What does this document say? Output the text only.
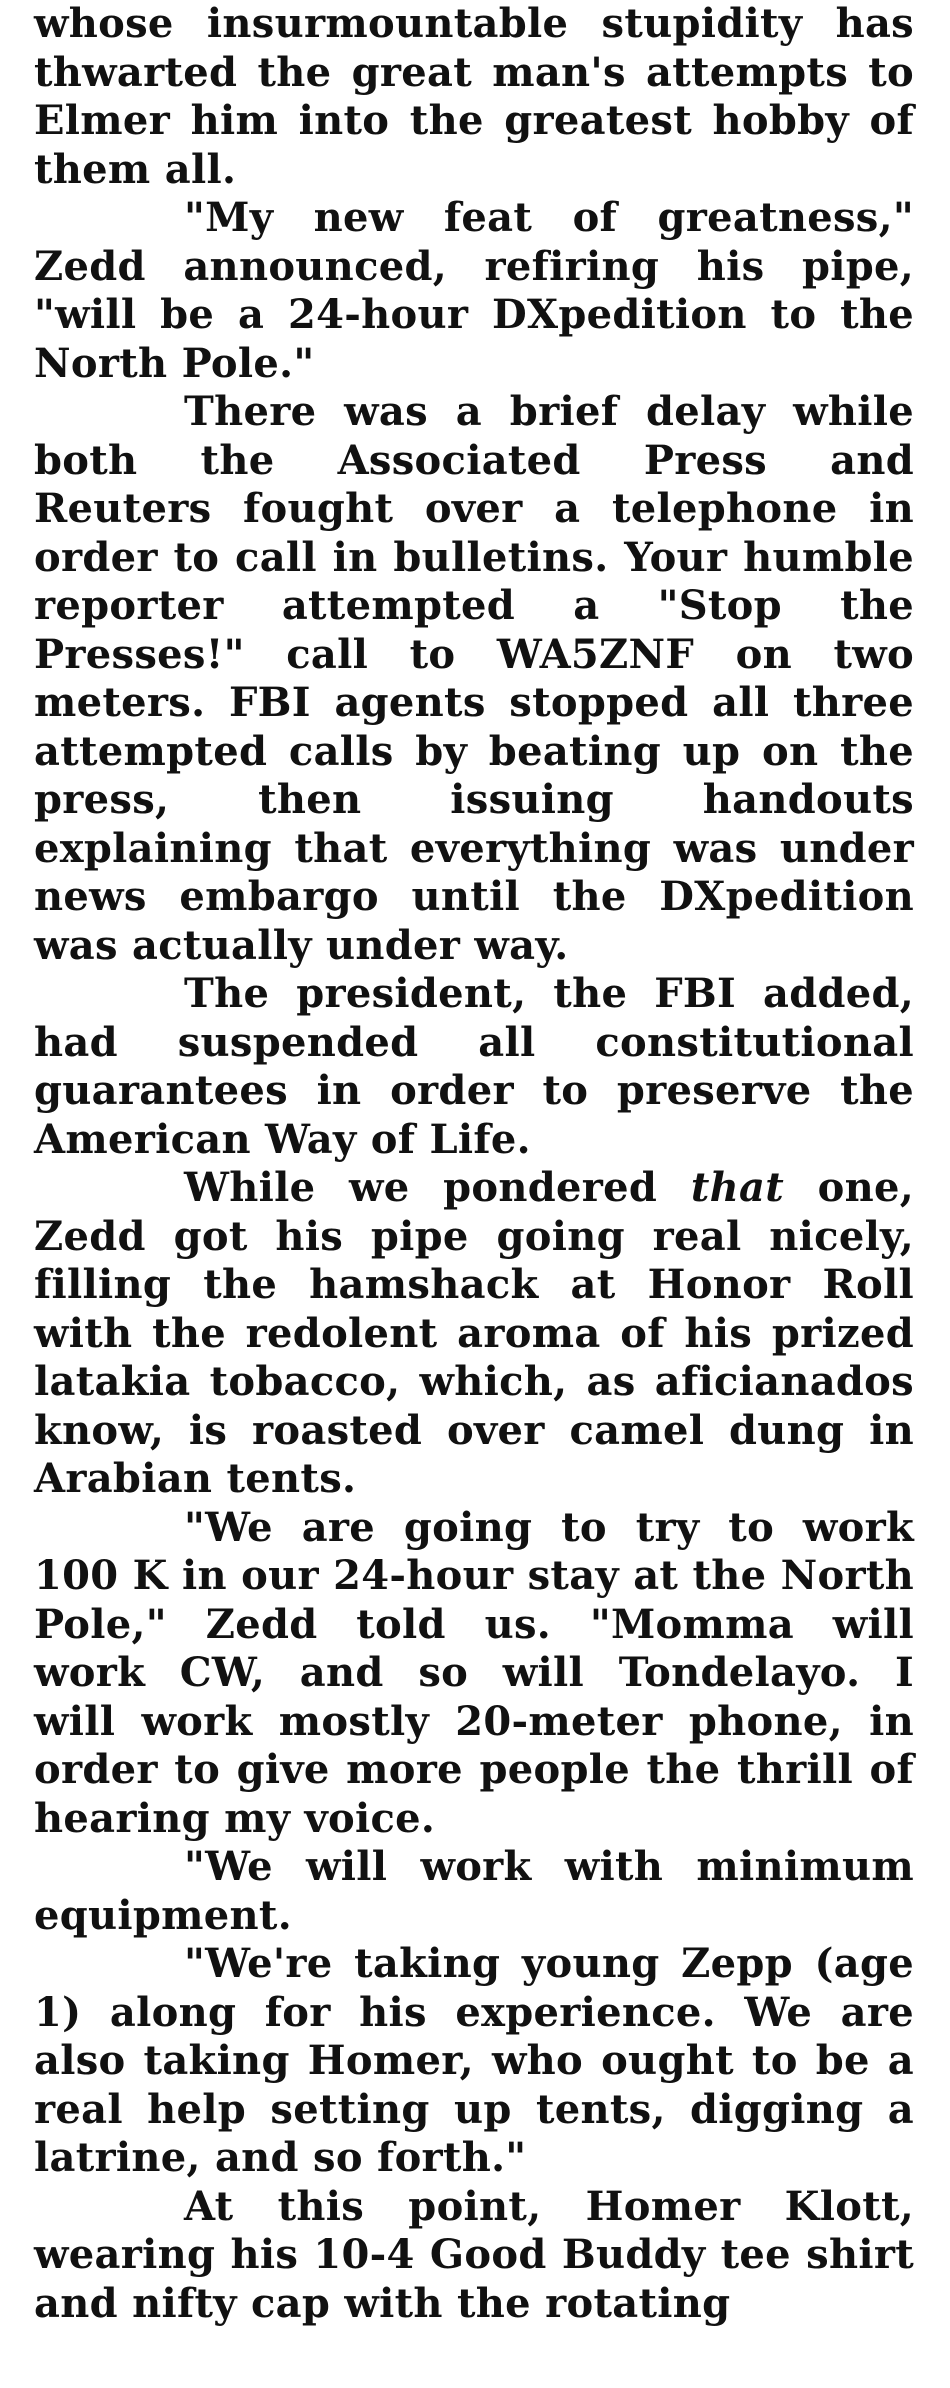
whose insurmountable stupidity has
thwarted the great man's attempts to
Elmer him into the greatest hobby of
them all.
"My new feat of greatness,"
Zedd announced, refiring his pipe,
"will be a 24-hour DXpedition to the
North Pole."
There was a brief delay while
both the Associated Press and
Reuters fought over a telephone in
order to call in bulletins. Your humble
reporter attempted a "Stop the
Presses!" call to WA5ZNF on two
meters. FBI agents stopped all three
attempted calls by beating up on the
press, then issuing handouts
explaining that everything was under
news embargo until the DXpedition
was actually under way.
The president, the FBI added,
had suspended all constitutional
guarantees in order to preserve the
American Way of Life.
While we pondered that one,
Zedd got his pipe going real nicely,
filling the hamshack at Honor Roll
with the redolent aroma of his prized
latakia tobacco, which, as aficianados
know, is roasted over camel dung in
Arabian tents.
"We are going to try to work
100 K in our 24-hour stay at the North
Pole," Zedd told us. "Momma will
work CW, and so will Tondelayo. I
will work mostly 20-meter phone, in
order to give more people the thrill of
hearing my voice.
"We will work with minimum
equipment.
"We're taking young Zepp (age
1) along for his experience. We are
also taking Homer, who ought to be a
real help setting up tents, digging a
latrine, and so forth."
At this point, Homer Klott,
wearing his 10-4 Good Buddy tee shirt
and nifty cap with the rotating
